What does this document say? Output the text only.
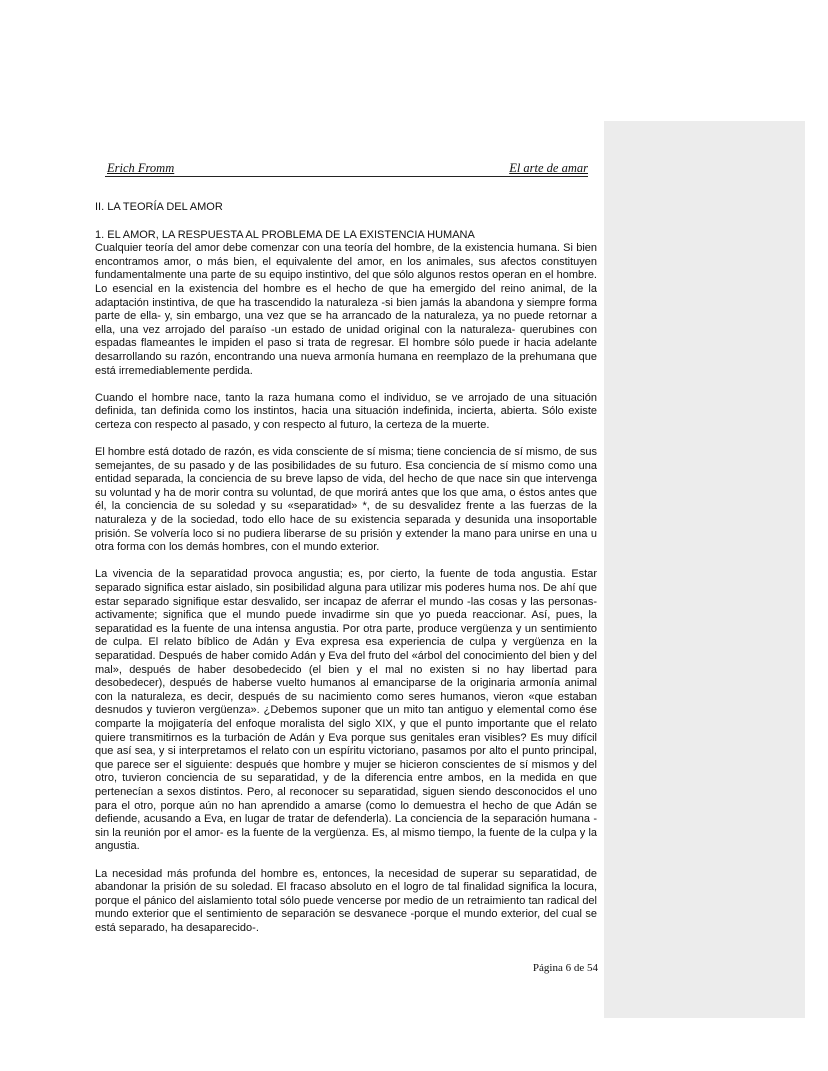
Erich Fromm	El arte de amar

II. LA TEORÍA DEL AMOR

1. EL AMOR, LA RESPUESTA AL PROBLEMA DE LA EXISTENCIA HUMANA

Cualquier teoría del amor debe comenzar con una teoría del hombre, de la existencia humana. Si bien encontramos amor, o más bien, el equivalente del amor, en los animales, sus afectos constituyen fundamentalmente una parte de su equipo instintivo, del que sólo algunos restos operan en el hombre. Lo esencial en la existencia del hombre es el hecho de que ha emergido del reino animal, de la adaptación instintiva, de que ha trascendido la naturaleza -si bien jamás la abandona y siempre forma parte de ella- y, sin embargo, una vez que se ha arrancado de la naturaleza, ya no puede retornar a ella, una vez arrojado del paraíso -un estado de unidad original con la naturaleza- querubines con espadas flameantes le impiden el paso si trata de regresar. El hombre sólo puede ir hacia adelante desarrollando su razón, encontrando una nueva armonía humana en reemplazo de la prehumana que está irremediablemente perdida.

Cuando el hombre nace, tanto la raza humana como el individuo, se ve arrojado de una situación definida, tan definida como los instintos, hacia una situación indefinida, incierta, abierta. Sólo existe certeza con respecto al pasado, y con respecto al futuro, la certeza de la muerte.

El hombre está dotado de razón, es vida consciente de sí misma; tiene conciencia de sí mismo, de sus semejantes, de su pasado y de las posibilidades de su futuro. Esa conciencia de sí mismo como una entidad separada, la conciencia de su breve lapso de vida, del hecho de que nace sin que intervenga su voluntad y ha de morir contra su voluntad, de que morirá antes que los que ama, o éstos antes que él, la conciencia de su soledad y su «separatidad» *, de su desvalidez frente a las fuerzas de la naturaleza y de la sociedad, todo ello hace de su existencia separada y desunida una insoportable prisión. Se volvería loco si no pudiera liberarse de su prisión y extender la mano para unirse en una u otra forma con los demás hombres, con el mundo exterior.

La vivencia de la separatidad provoca angustia; es, por cierto, la fuente de toda angustia. Estar separado significa estar aislado, sin posibilidad alguna para utilizar mis poderes huma nos. De ahí que estar separado signifique estar desvalido, ser incapaz de aferrar el mundo -las cosas y las personas- activamente; significa que el mundo puede invadirme sin que yo pueda reaccionar. Así, pues, la separatidad es la fuente de una intensa angustia. Por otra parte, produce vergüenza y un sentimiento de culpa. El relato bíblico de Adán y Eva expresa esa experiencia de culpa y vergüenza en la separatidad. Después de haber comido Adán y Eva del fruto del «árbol del conocimiento del bien y del mal», después de haber desobedecido (el bien y el mal no existen si no hay libertad para desobedecer), después de haberse vuelto humanos al emanciparse de la originaria armonía animal con la naturaleza, es decir, después de su nacimiento como seres humanos, vieron «que estaban desnudos y tuvieron vergüenza». ¿Debemos suponer que un mito tan antiguo y elemental como ése comparte la mojigatería del enfoque moralista del siglo XIX, y que el punto importante que el relato quiere transmitirnos es la turbación de Adán y Eva porque sus genitales eran visibles? Es muy difícil que así sea, y si interpretamos el relato con un espíritu victoriano, pasamos por alto el punto principal, que parece ser el siguiente: después que hombre y mujer se hicieron conscientes de sí mismos y del otro, tuvieron conciencia de su separatidad, y de la diferencia entre ambos, en la medida en que pertenecían a sexos distintos. Pero, al reconocer su separatidad, siguen siendo desconocidos el uno para el otro, porque aún no han aprendido a amarse (como lo demuestra el hecho de que Adán se defiende, acusando a Eva, en lugar de tratar de defenderla). La conciencia de la separación humana -sin la reunión por el amor- es la fuente de la vergüenza. Es, al mismo tiempo, la fuente de la culpa y la angustia.

La necesidad más profunda del hombre es, entonces, la necesidad de superar su separatidad, de abandonar la prisión de su soledad. El fracaso absoluto en el logro de tal finalidad significa la locura, porque el pánico del aislamiento total sólo puede vencerse por medio de un retraimiento tan radical del mundo exterior que el sentimiento de separación se desvanece -porque el mundo exterior, del cual se está separado, ha desaparecido-.

Página 6 de 54
